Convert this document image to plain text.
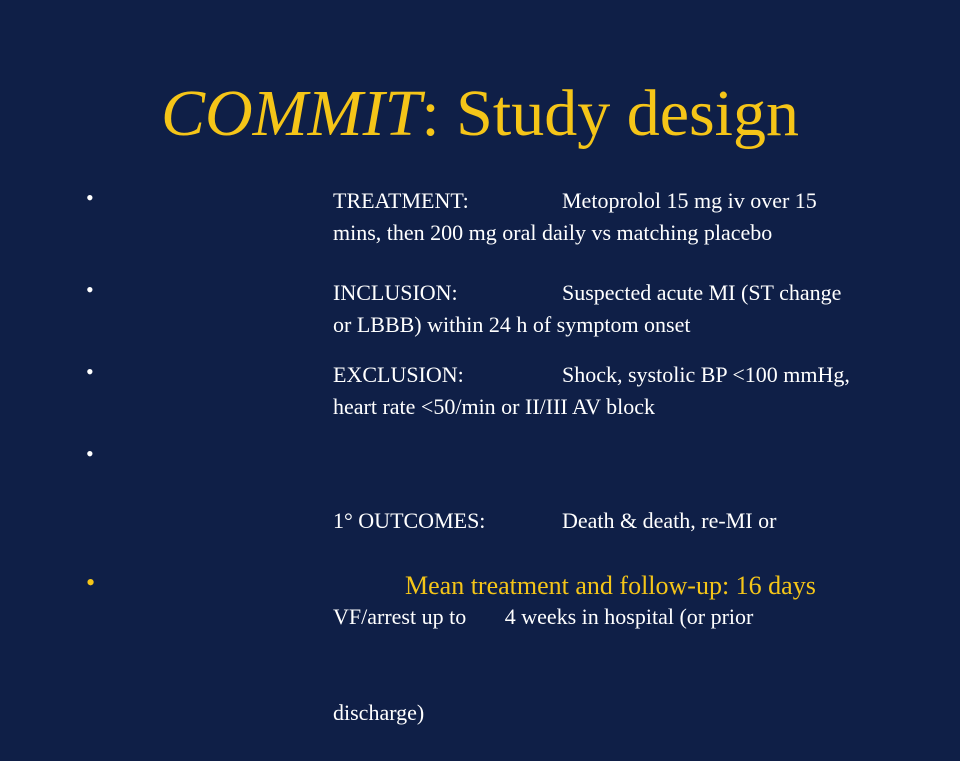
COMMIT: Study design
•	TREATMENT:	Metoprolol 15 mg iv over 15
mins, then 200 mg oral daily vs matching placebo
•	INCLUSION:	Suspected acute MI (ST change
or LBBB) within 24 h of symptom onset
•	EXCLUSION:	Shock, systolic BP <100 mmHg,
heart rate <50/min or II/III AV block
•

1° OUTCOMES:	Death & death, re-MI or

VF/arrest up to       4 weeks in hospital (or prior

discharge)

•	Mean treatment and follow-up: 16 days
